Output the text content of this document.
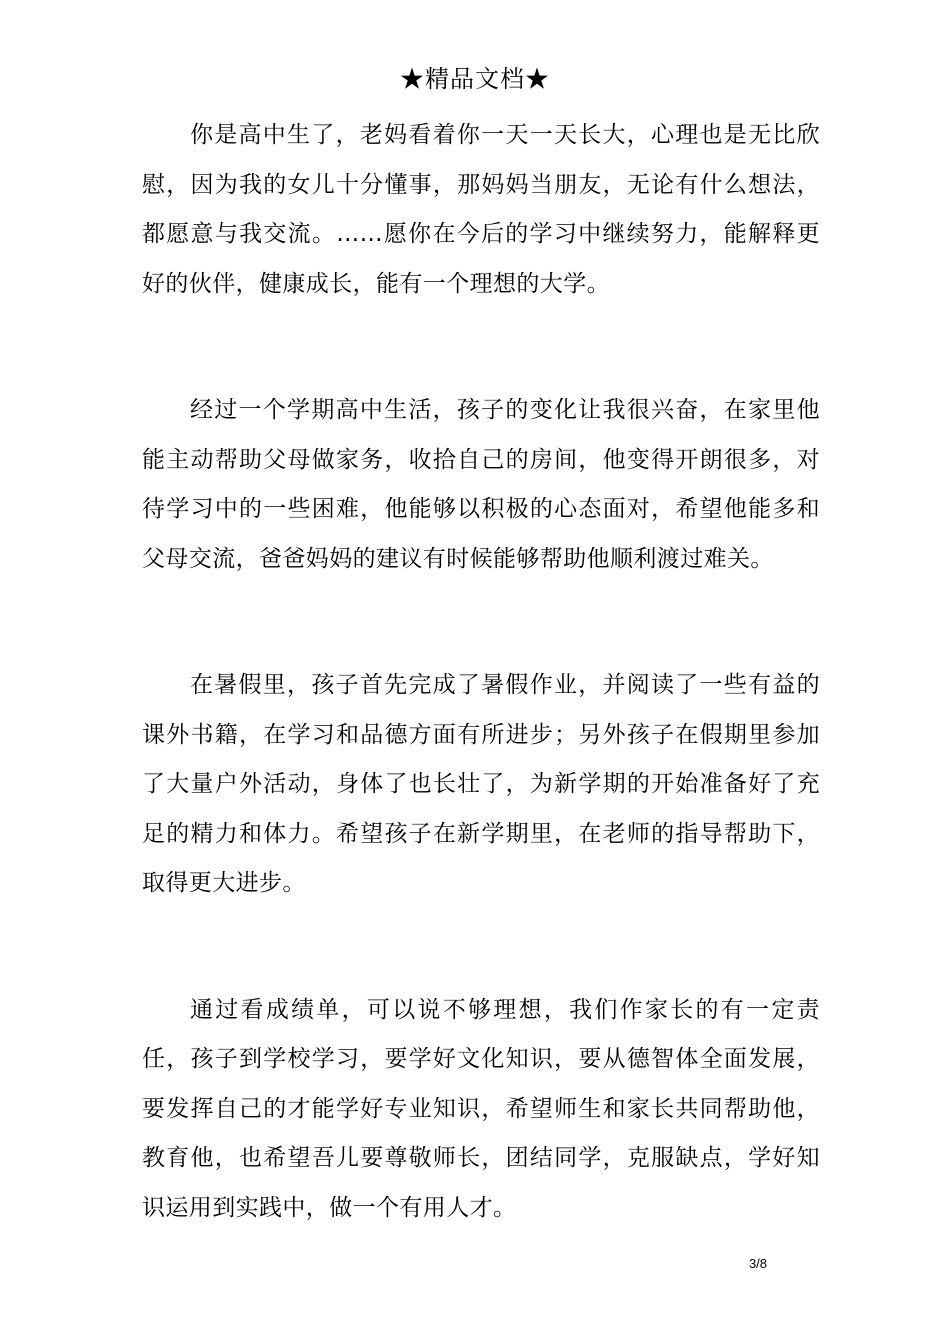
★精品文档★

你是高中生了，老妈看着你一天一天长大，心理也是无比欣慰，因为我的女儿十分懂事，那妈妈当朋友，无论有什么想法，都愿意与我交流。……愿你在今后的学习中继续努力，能解释更好的伙伴，健康成长，能有一个理想的大学。

经过一个学期高中生活，孩子的变化让我很兴奋，在家里他能主动帮助父母做家务，收拾自己的房间，他变得开朗很多，对待学习中的一些困难，他能够以积极的心态面对，希望他能多和父母交流，爸爸妈妈的建议有时候能够帮助他顺利渡过难关。

在暑假里，孩子首先完成了暑假作业，并阅读了一些有益的课外书籍，在学习和品德方面有所进步；另外孩子在假期里参加了大量户外活动，身体了也长壮了，为新学期的开始准备好了充足的精力和体力。希望孩子在新学期里，在老师的指导帮助下，取得更大进步。

通过看成绩单，可以说不够理想，我们作家长的有一定责任，孩子到学校学习，要学好文化知识，要从德智体全面发展，要发挥自己的才能学好专业知识，希望师生和家长共同帮助他，教育他，也希望吾儿要尊敬师长，团结同学，克服缺点，学好知识运用到实践中，做一个有用人才。

3/8
